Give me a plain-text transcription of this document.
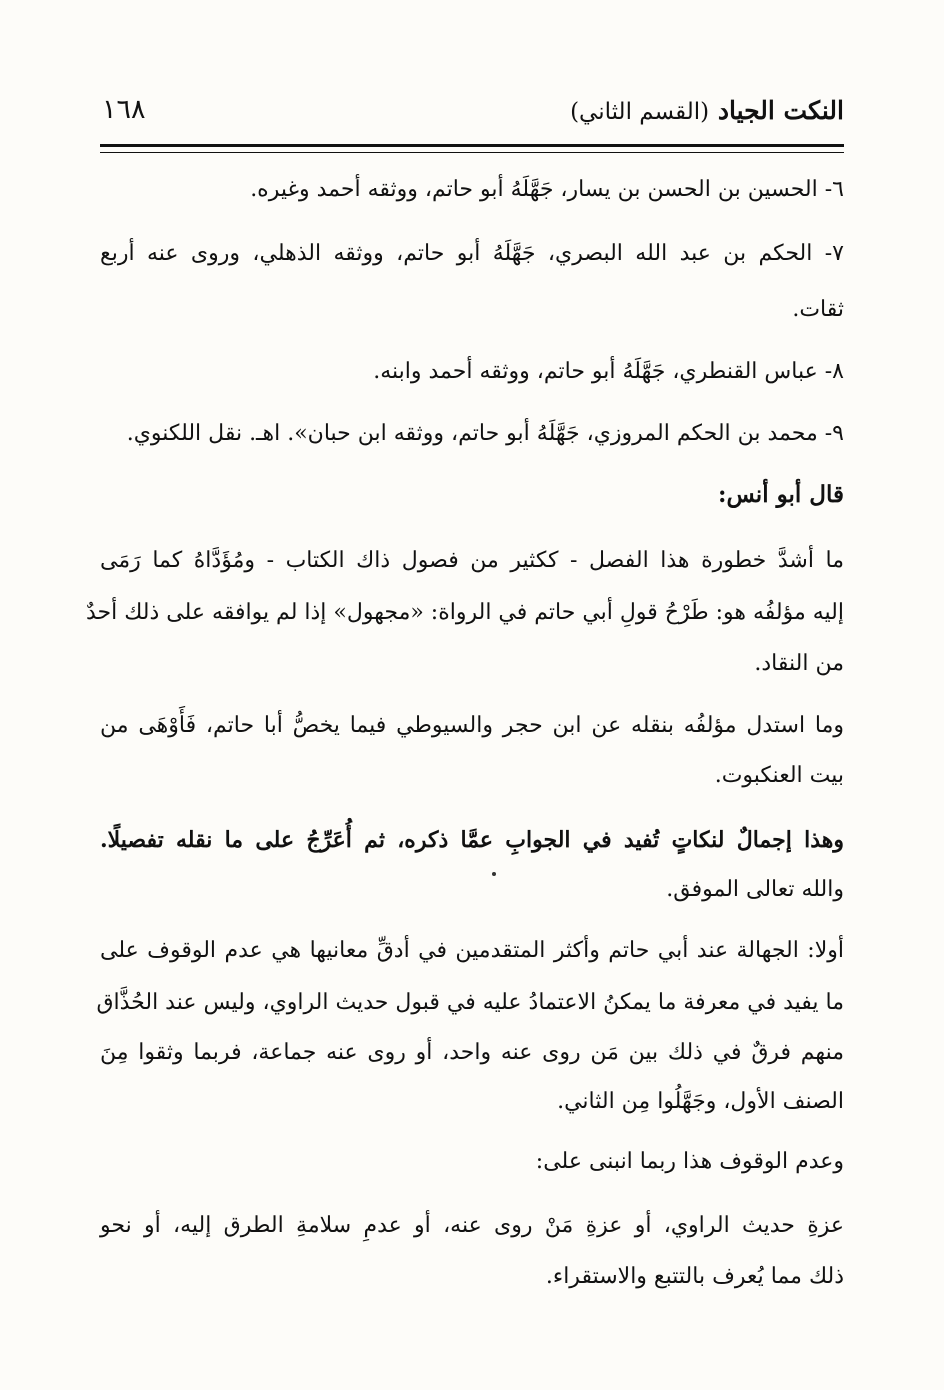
النكت الجياد (القسم الثاني)
١٦٨
٦- الحسين بن الحسن بن يسار، جَهَّلَهُ أبو حاتم، ووثقه أحمد وغيره.
٧- الحكم بن عبد الله البصري، جَهَّلَهُ أبو حاتم، ووثقه الذهلي، وروى عنه أربع
ثقات.
٨- عباس القنطري، جَهَّلَهُ أبو حاتم، ووثقه أحمد وابنه.
٩- محمد بن الحكم المروزي، جَهَّلَهُ أبو حاتم، ووثقه ابن حبان». اهـ. نقل اللكنوي.
قال أبو أنس:
ما أشدَّ خطورة هذا الفصل - ككثير من فصول ذاك الكتاب - ومُؤَدَّاهُ كما رَمَى
إليه مؤلفُه هو: طَرْحُ قولِ أبي حاتم في الرواة: «مجهول» إذا لم يوافقه على ذلك أحدٌ
من النقاد.
وما استدل مؤلفُه بنقله عن ابن حجر والسيوطي فيما يخصُّ أبا حاتم، فَأَوْهَى من
بيت العنكبوت.
وهذا إجمالٌ لنكاتٍ تُفيد في الجوابِ عمَّا ذكره، ثم أُعَرِّجُ على ما نقله تفصيلًا.
والله تعالى الموفق.
أولا: الجهالة عند أبي حاتم وأكثر المتقدمين في أدقِّ معانيها هي عدم الوقوف على
ما يفيد في معرفة ما يمكنُ الاعتمادُ عليه في قبول حديث الراوي، وليس عند الحُذَّاق
منهم فرقٌ في ذلك بين مَن روى عنه واحد، أو روى عنه جماعة، فربما وثقوا مِنَ
الصنف الأول، وجَهَّلُوا مِن الثاني.
وعدم الوقوف هذا ربما انبنى على:
عزةِ حديث الراوي، أو عزةِ مَنْ روى عنه، أو عدمِ سلامةِ الطرق إليه، أو نحو
ذلك مما يُعرف بالتتبع والاستقراء.
